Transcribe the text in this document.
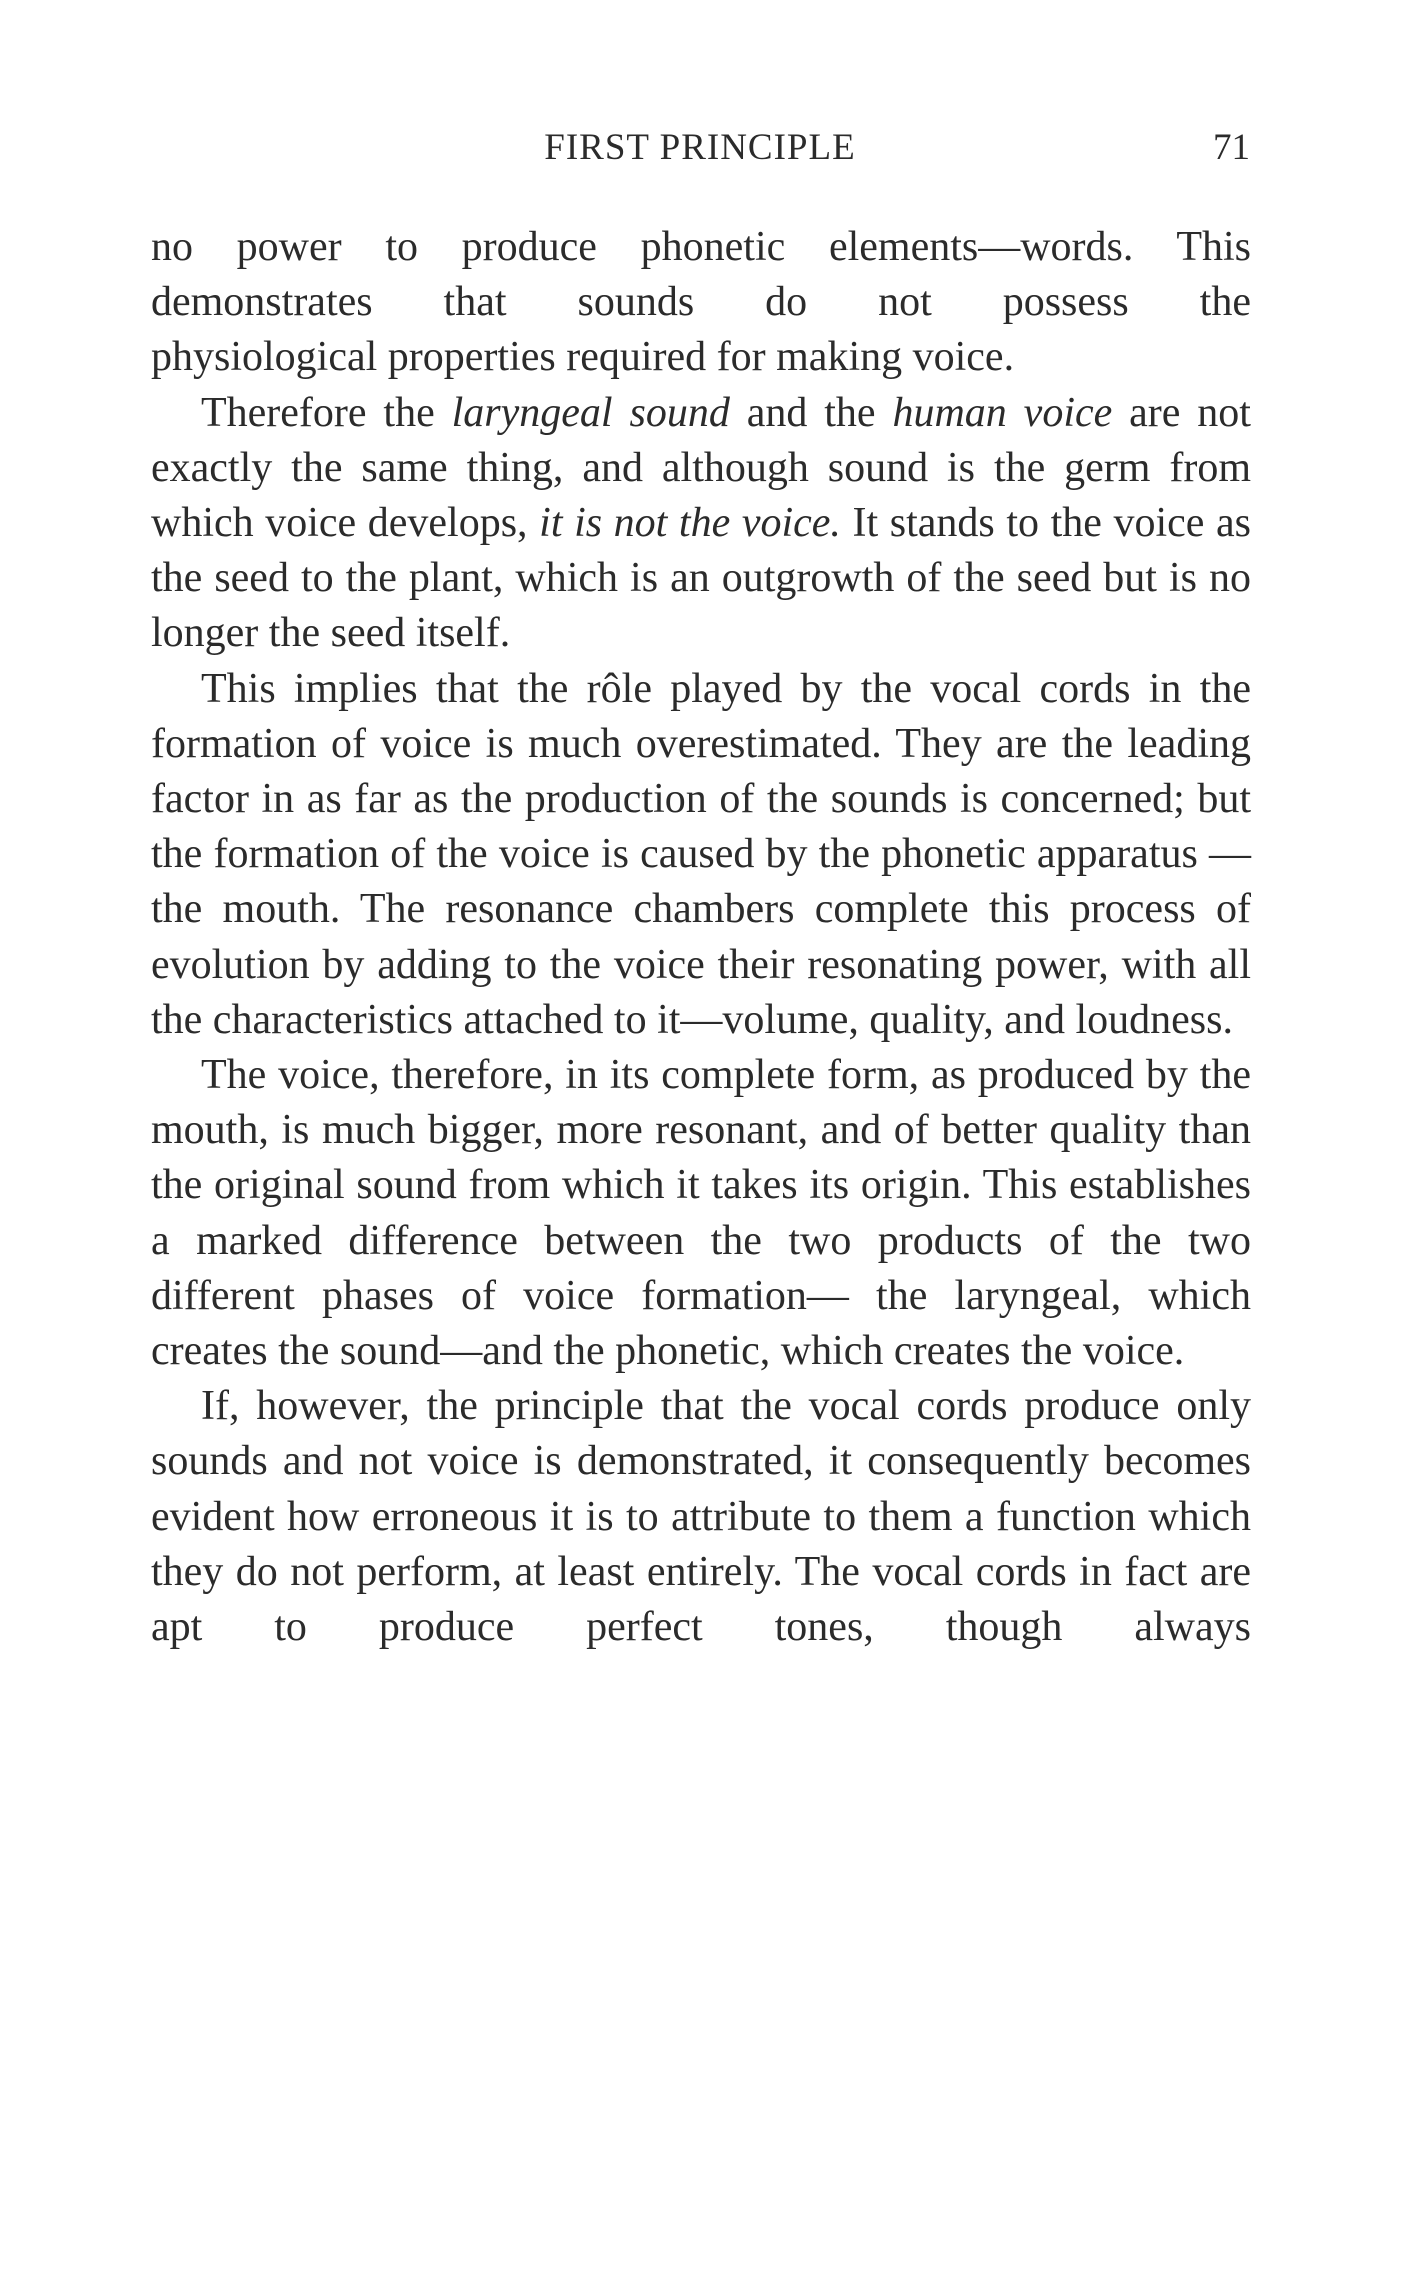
FIRST PRINCIPLE	71

no power to produce phonetic elements—words. This demonstrates that sounds do not possess the
physiological properties required for making voice.

Therefore the laryngeal sound and the human voice are not exactly the same thing, and although sound is the germ from which voice develops, it is not the voice. It stands to the voice as the seed to the plant, which is an outgrowth of the seed but is no longer the seed itself.

This implies that the rôle played by the vocal cords in the formation of voice is much overestimated. They are the leading factor in as far as the production of the sounds is concerned; but the formation of the voice is caused by the phonetic apparatus —the mouth. The resonance chambers complete this process of evolution by adding to the voice their resonating power, with all the characteristics attached to it—volume, quality, and loudness.

The voice, therefore, in its complete form, as produced by the mouth, is much bigger, more resonant, and of better quality than the original sound from which it takes its origin. This establishes a marked difference between the two products of the two different phases of voice formation— the laryngeal, which creates the sound—and the phonetic, which creates the voice.

If, however, the principle that the vocal cords produce only sounds and not voice is demonstrated, it consequently becomes evident how erroneous it is to attribute to them a function which they do not perform, at least entirely. The vocal cords in fact are apt to produce perfect tones, though always
